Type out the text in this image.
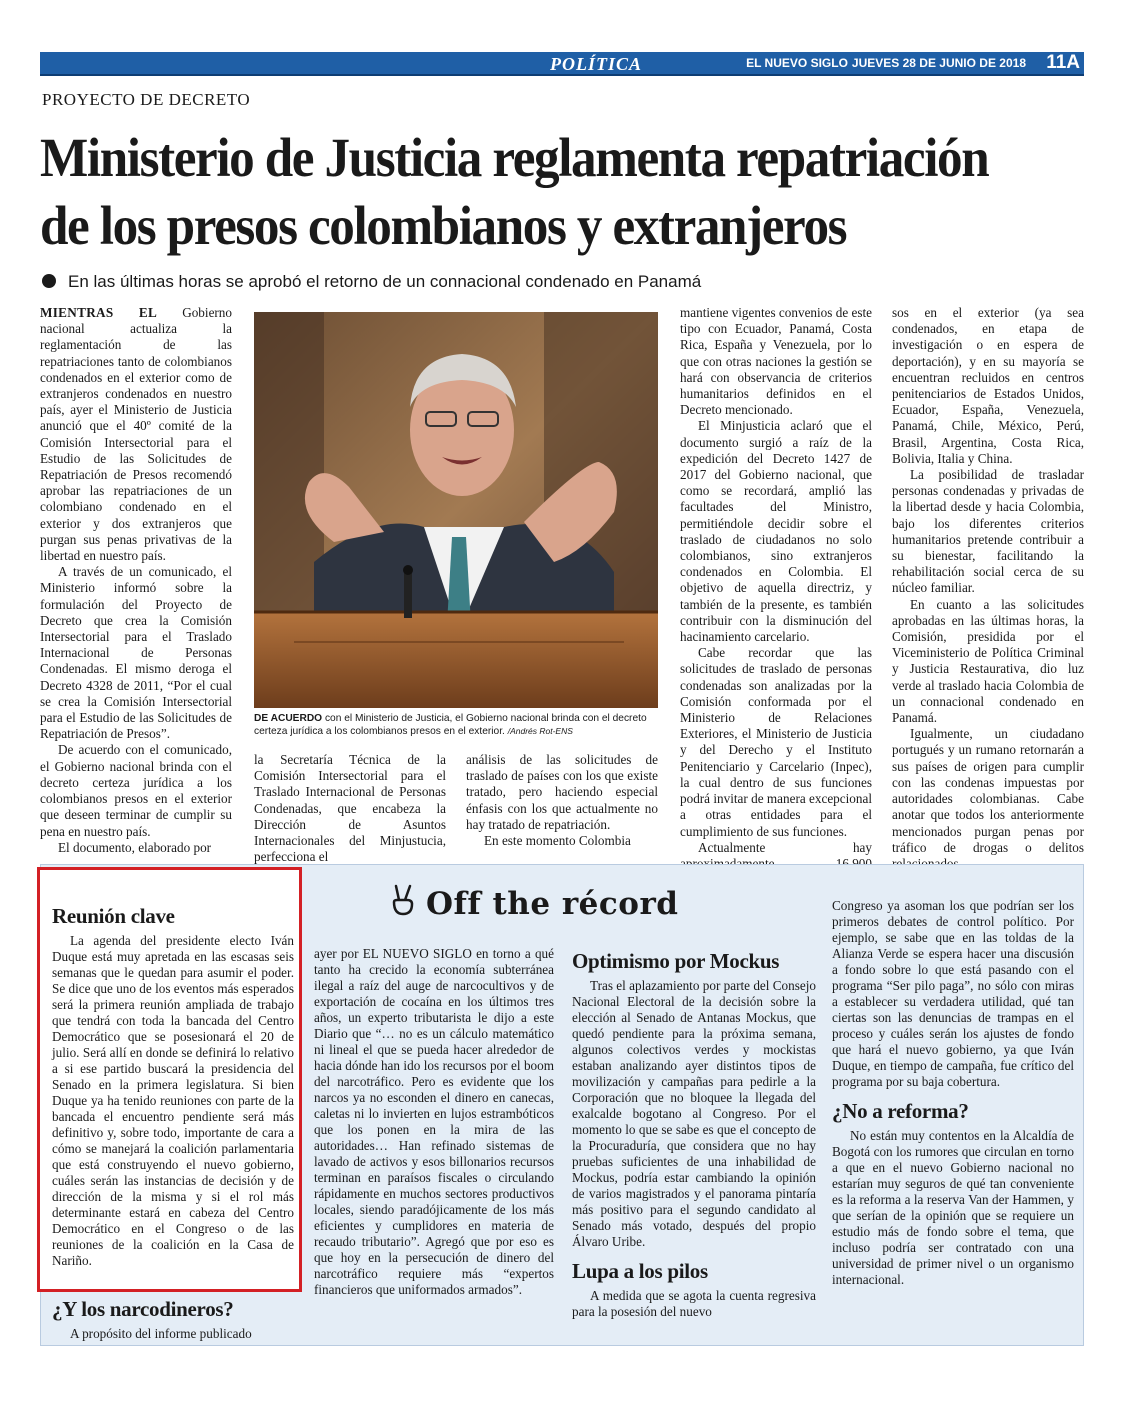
POLÍTICA	EL NUEVO SIGLO JUEVES 28 DE JUNIO DE 2018 11A
PROYECTO DE DECRETO
Ministerio de Justicia reglamenta repatriación
de los presos colombianos y extranjeros
En las últimas horas se aprobó el retorno de un connacional condenado en Panamá

MIENTRAS EL Gobierno nacional actualiza la reglamentación de las repatriaciones tanto de colombianos condenados en el exterior como de extranjeros condenados en nuestro país, ayer el Ministerio de Justicia anunció que el 40º comité de la Comisión Intersectorial para el Estudio de las Solicitudes de Repatriación de Presos recomendó aprobar las repatriaciones de un colombiano condenado en el exterior y dos extranjeros que purgan sus penas privativas de la libertad en nuestro país.

A través de un comunicado, el Ministerio informó sobre la formulación del Proyecto de Decreto que crea la Comisión Intersectorial para el Traslado Internacional de Personas Condenadas. El mismo deroga el Decreto 4328 de 2011, “Por el cual se crea la Comisión Intersectorial para el Estudio de las Solicitudes de Repatriación de Presos”.

De acuerdo con el comunicado, el Gobierno nacional brinda con el decreto certeza jurídica a los colombianos presos en el exterior que deseen terminar de cumplir su pena en nuestro país.

El documento, elaborado por

DE ACUERDO con el Ministerio de Justicia, el Gobierno nacional brinda con el decreto certeza jurídica a los colombianos presos en el exterior. /Andrés Rot-ENS

la Secretaría Técnica de la Comisión Intersectorial para el Traslado Internacional de Personas Condenadas, que encabeza la Dirección de Asuntos Internacionales del Minjustucia, perfecciona el

análisis de las solicitudes de traslado de países con los que existe tratado, pero haciendo especial énfasis con los que actualmente no hay tratado de repatriación.

En este momento Colombia

mantiene vigentes convenios de este tipo con Ecuador, Panamá, Costa Rica, España y Venezuela, por lo que con otras naciones la gestión se hará con observancia de criterios humanitarios definidos en el Decreto mencionado.

El Minjusticia aclaró que el documento surgió a raíz de la expedición del Decreto 1427 de 2017 del Gobierno nacional, que como se recordará, amplió las facultades del Ministro, permitiéndole decidir sobre el traslado de ciudadanos no solo colombianos, sino extranjeros condenados en Colombia. El objetivo de aquella directriz, y también de la presente, es también contribuir con la disminución del hacinamiento carcelario.

Cabe recordar que las solicitudes de traslado de personas condenadas son analizadas por la Comisión conformada por el Ministerio de Relaciones Exteriores, el Ministerio de Justicia y del Derecho y el Instituto Penitenciario y Carcelario (Inpec), la cual dentro de sus funciones podrá invitar de manera excepcional a otras entidades para el cumplimiento de sus funciones.

Actualmente hay

sos en el exterior (ya sea condenados, en etapa de investigación o en espera de deportación), y en su mayoría se encuentran recluidos en centros penitenciarios de Estados Unidos, Ecuador, España, Venezuela, Panamá, Chile, México, Perú, Brasil, Argentina, Costa Rica, Bolivia, Italia y China.

La posibilidad de trasladar personas condenadas y privadas de la libertad desde y hacia Colombia, bajo los diferentes criterios humanitarios pretende contribuir a su bienestar, facilitando la rehabilitación social cerca de su núcleo familiar.

En cuanto a las solicitudes aprobadas en las últimas horas, la Comisión, presidida por el Viceministerio de Política Criminal y Justicia Restaurativa, dio luz verde al traslado hacia Colombia de un connacional condenado en Panamá.

Igualmente, un ciudadano portugués y un rumano retornarán a sus países de origen para cumplir con las condenas impuestas por autoridades colombianas. Cabe anotar que todos los anteriormente mencionados purgan penas por tráfico de drogas o delitos

Off the récord
Reunión clave

La agenda del presidente electo Iván Duque está muy apretada en las escasas seis semanas que le quedan para asumir el poder. Se dice que uno de los eventos más esperados será la primera reunión ampliada de trabajo que tendrá con toda la bancada del Centro Democrático que se posesionará el 20 de julio. Será allí en donde se definirá lo relativo a si ese partido buscará la presidencia del Senado en la primera legislatura. Si bien Duque ya ha tenido reuniones con parte de la bancada el encuentro pendiente será más definitivo y, sobre todo, importante de cara a cómo se manejará la coalición parlamentaria que está construyendo el nuevo gobierno, cuáles serán las instancias de decisión y de dirección de la misma y si el rol más determinante estará en cabeza del Centro Democrático en el Congreso o de las reuniones de la coalición en la Casa de Nariño.

¿Y los narcodineros?

A propósito del informe publicado

ayer por EL NUEVO SIGLO en torno a qué tanto ha crecido la economía subterránea ilegal a raíz del auge de narcocultivos y de exportación de cocaína en los últimos tres años, un experto tributarista le dijo a este Diario que “… no es un cálculo matemático ni lineal el que se pueda hacer alrededor de hacia dónde han ido los recursos por el boom del narcotráfico. Pero es evidente que los narcos ya no esconden el dinero en canecas, caletas ni lo invierten en lujos estrambóticos que los ponen en la mira de las autoridades… Han refinado sistemas de lavado de activos y esos billonarios recursos terminan en paraísos fiscales o circulando rápidamente en muchos sectores productivos locales, siendo paradójicamente de los más eficientes y cumplidores en materia de recaudo tributario”. Agregó que por eso es que hoy en la persecución de dinero del narcotráfico requiere más “expertos financieros que uniformados armados”.

Optimismo por Mockus

Tras el aplazamiento por parte del Consejo Nacional Electoral de la decisión sobre la elección al Senado de Antanas Mockus, que quedó pendiente para la próxima semana, algunos colectivos verdes y mockistas estaban analizando ayer distintos tipos de movilización y campañas para pedirle a la Corporación que no bloquee la llegada del exalcalde bogotano al Congreso. Por el momento lo que se sabe es que el concepto de la Procuraduría, que considera que no hay pruebas suficientes de una inhabilidad de Mockus, podría estar cambiando la opinión de varios magistrados y el panorama pintaría más positivo para el segundo candidato al Senado más votado, después del propio Álvaro Uribe.

Lupa a los pilos

A medida que se agota la cuenta regresiva para la posesión del nuevo

Congreso ya asoman los que podrían ser los primeros debates de control político. Por ejemplo, se sabe que en las toldas de la Alianza Verde se espera hacer una discusión a fondo sobre lo que está pasando con el programa “Ser pilo paga”, no sólo con miras a establecer su verdadera utilidad, qué tan ciertas son las denuncias de trampas en el proceso y cuáles serán los ajustes de fondo que hará el nuevo gobierno, ya que Iván Duque, en tiempo de campaña, fue crítico del programa por su baja cobertura.

¿No a reforma?

No están muy contentos en la Alcaldía de Bogotá con los rumores que circulan en torno a que en el nuevo Gobierno nacional no estarían muy seguros de qué tan conveniente es la reforma a la reserva Van der Hammen, y que serían de la opinión que se requiere un estudio más de fondo sobre el tema, que incluso podría ser contratado con una universidad de primer nivel o un organismo internacional.
